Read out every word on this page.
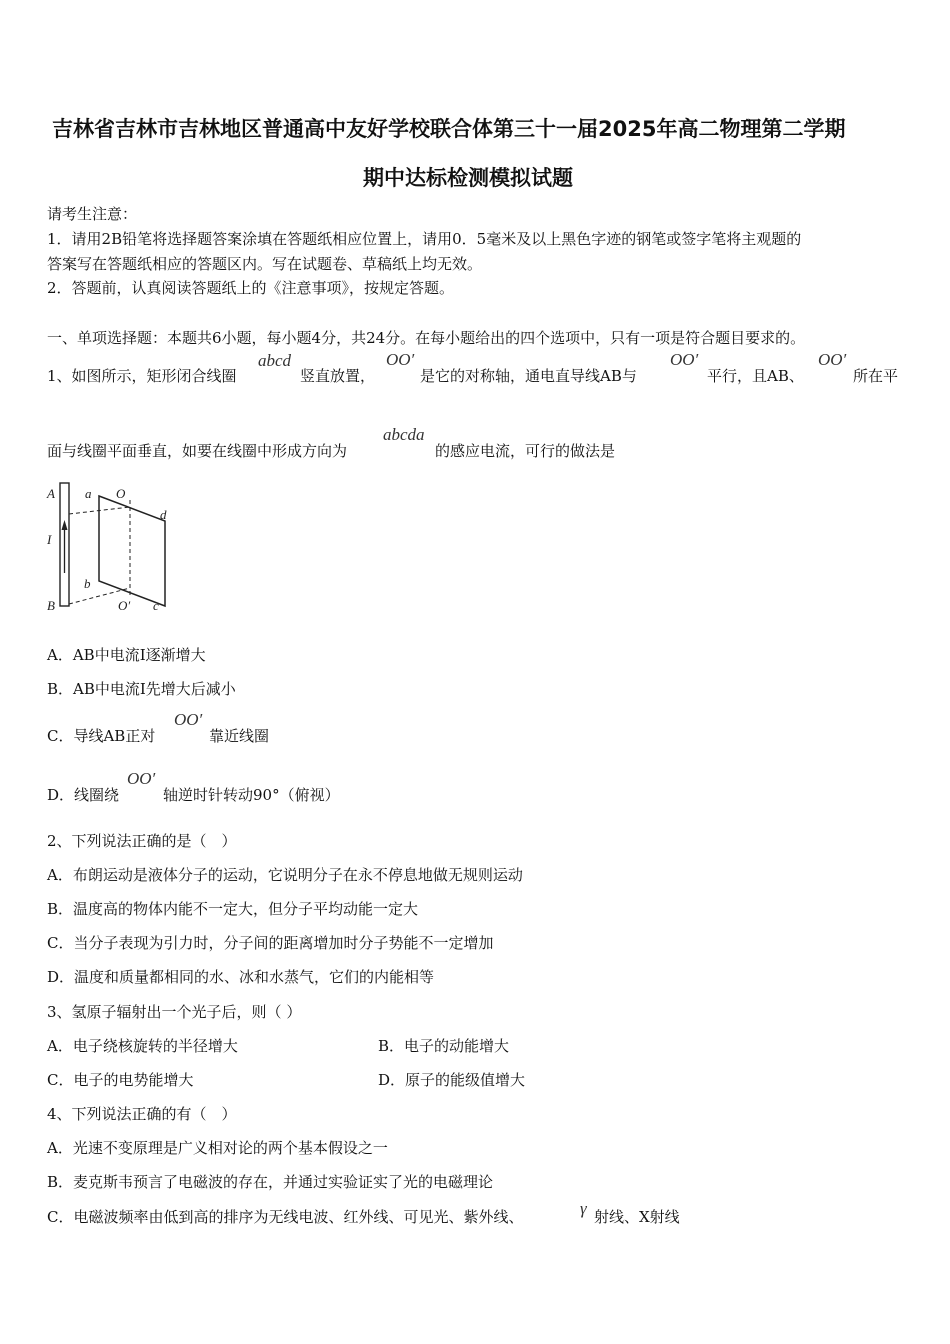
吉林省吉林市吉林地区普通高中友好学校联合体第三十一届2025年高二物理第二学期
期中达标检测模拟试题
请考生注意：
1．请用2B铅笔将选择题答案涂填在答题纸相应位置上，请用0．5毫米及以上黑色字迹的钢笔或签字笔将主观题的
答案写在答题纸相应的答题区内。写在试题卷、草稿纸上均无效。
2．答题前，认真阅读答题纸上的《注意事项》，按规定答题。
一、单项选择题：本题共6小题，每小题4分，共24分。在每小题给出的四个选项中，只有一项是符合题目要求的。
1、如图所示，矩形闭合线圈
abcd
竖直放置，
OO′
是它的对称轴，通电直导线AB与
OO′
平行，且AB、
OO′
所在平
面与线圈平面垂直，如要在线圈中形成方向为
abcda
的感应电流，可行的做法是
A
I
B
a O
d
b
O′ c
A．AB中电流Ⅰ逐渐增大
B．AB中电流I先增大后减小
C．导线AB正对
OO′
靠近线圈
D．线圈绕
OO′
轴逆时针转动90°（俯视）
2、下列说法正确的是（　）
A．布朗运动是液体分子的运动，它说明分子在永不停息地做无规则运动
B．温度高的物体内能不一定大，但分子平均动能一定大
C．当分子表现为引力时，分子间的距离增加时分子势能不一定增加
D．温度和质量都相同的水、冰和水蒸气，它们的内能相等
3、氢原子辐射出一个光子后，则（ ）
A．电子绕核旋转的半径增大	B．电子的动能增大
C．电子的电势能增大	D．原子的能级值增大
4、下列说法正确的有（　）
A．光速不变原理是广义相对论的两个基本假设之一
B．麦克斯韦预言了电磁波的存在，并通过实验证实了光的电磁理论
C．电磁波频率由低到高的排序为无线电波、红外线、可见光、紫外线、	γ 射线、X射线
